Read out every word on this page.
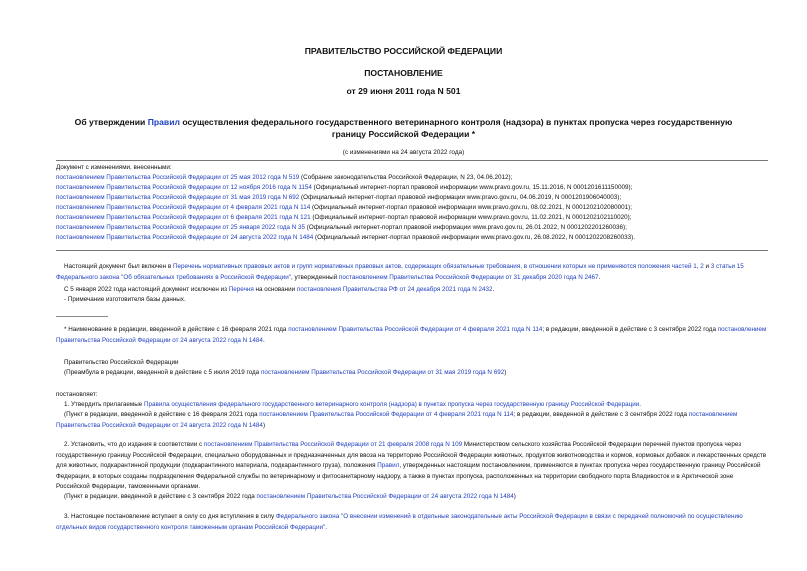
ПРАВИТЕЛЬСТВО РОССИЙСКОЙ ФЕДЕРАЦИИ
ПОСТАНОВЛЕНИЕ
от 29 июня 2011 года N 501
Об утверждении Правил осуществления федерального государственного ветеринарного контроля (надзора) в пунктах пропуска через государственную границу Российской Федерации *
(с изменениями на 24 августа 2022 года)
Документ с изменениями, внесенными:
постановлением Правительства Российской Федерации от 25 мая 2012 года N 519 (Собрание законодательства Российской Федерации, N 23, 04.06.2012);
постановлением Правительства Российской Федерации от 12 ноября 2016 года N 1154 (Официальный интернет-портал правовой информации www.pravo.gov.ru, 15.11.2016, N 0001201611150009);
постановлением Правительства Российской Федерации от 31 мая 2019 года N 692 (Официальный интернет-портал правовой информации www.pravo.gov.ru, 04.06.2019, N 0001201906040003);
постановлением Правительства Российской Федерации от 4 февраля 2021 года N 114 (Официальный интернет-портал правовой информации www.pravo.gov.ru, 08.02.2021, N 0001202102080001);
постановлением Правительства Российской Федерации от 6 февраля 2021 года N 121 (Официальный интернет-портал правовой информации www.pravo.gov.ru, 11.02.2021, N 0001202102110020);
постановлением Правительства Российской Федерации от 25 января 2022 года N 35 (Официальный интернет-портал правовой информации www.pravo.gov.ru, 26.01.2022, N 0001202201260036);
постановлением Правительства Российской Федерации от 24 августа 2022 года N 1484 (Официальный интернет-портал правовой информации www.pravo.gov.ru, 26.08.2022, N 0001202208260033).
Настоящий документ был включен в Перечень нормативных правовых актов и групп нормативных правовых актов, содержащих обязательные требования, в отношении которых не применяются положения частей 1, 2 и 3 статьи 15 Федерального закона "Об обязательных требованиях в Российской Федерации", утвержденный постановлением Правительства Российской Федерации от 31 декабря 2020 года N 2467.
С 5 января 2022 года настоящий документ исключен из Перечня на основании постановления Правительства РФ от 24 декабря 2021 года N 2432.
- Примечание изготовителя базы данных.
* Наименование в редакции, введенной в действие с 16 февраля 2021 года постановлением Правительства Российской Федерации от 4 февраля 2021 года N 114; в редакции, введенной в действие с 3 сентября 2022 года постановлением Правительства Российской Федерации от 24 августа 2022 года N 1484.
Правительство Российской Федерации
(Преамбула в редакции, введенной в действие с 5 июля 2019 года постановлением Правительства Российской Федерации от 31 мая 2019 года N 692)
постановляет:
1. Утвердить прилагаемые Правила осуществления федерального государственного ветеринарного контроля (надзора) в пунктах пропуска через государственную границу Российской Федерации.
(Пункт в редакции, введенной в действие с 16 февраля 2021 года постановлением Правительства Российской Федерации от 4 февраля 2021 года N 114; в редакции, введенной в действие с 3 сентября 2022 года постановлением Правительства Российской Федерации от 24 августа 2022 года N 1484)
2. Установить, что до издания в соответствии с постановлением Правительства Российской Федерации от 21 февраля 2008 года N 109 Министерством сельского хозяйства Российской Федерации перечней пунктов пропуска через государственную границу Российской Федерации, специально оборудованных и предназначенных для ввоза на территорию Российской Федерации животных, продуктов животноводства и кормов, кормовых добавок и лекарственных средств для животных, подкарантинной продукции (подкарантинного материала, подкарантинного груза), положения Правил, утвержденных настоящим постановлением, применяются в пунктах пропуска через государственную границу Российской Федерации, в которых созданы подразделения Федеральной службы по ветеринарному и фитосанитарному надзору, а также в пунктах пропуска, расположенных на территории свободного порта Владивосток и в Арктической зоне Российской Федерации, таможенными органами.
(Пункт в редакции, введенной в действие с 3 сентября 2022 года постановлением Правительства Российской Федерации от 24 августа 2022 года N 1484)
3. Настоящее постановление вступает в силу со дня вступления в силу Федерального закона "О внесении изменений в отдельные законодательные акты Российской Федерации в связи с передачей полномочий по осуществлению отдельных видов государственного контроля таможенным органам Российской Федерации".
